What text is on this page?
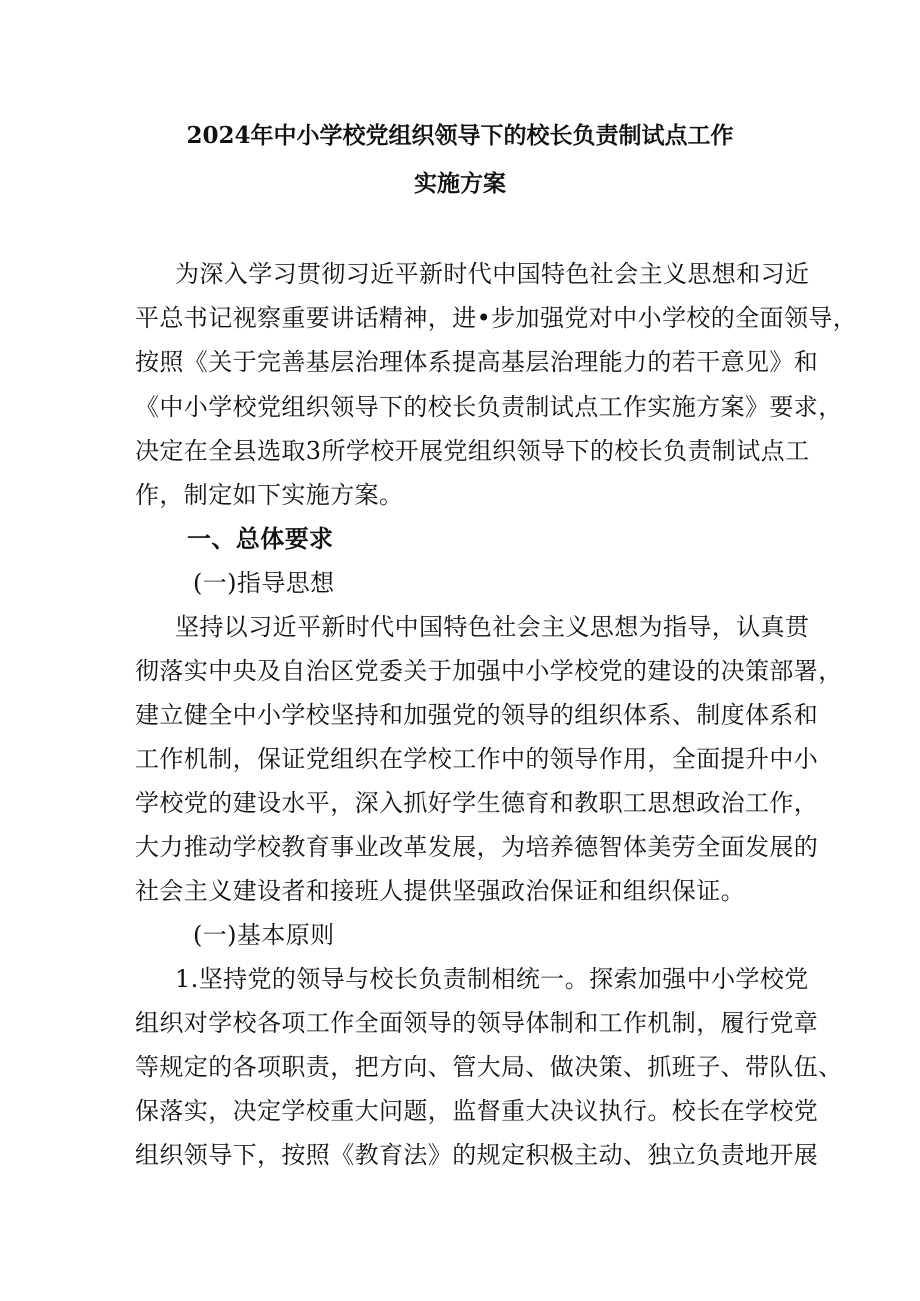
2024年中小学校党组织领导下的校长负责制试点工作
实施方案
为深入学习贯彻习近平新时代中国特色社会主义思想和习近
平总书记视察重要讲话精神，进•步加强党对中小学校的全面领导，
按照《关于完善基层治理体系提高基层治理能力的若干意见》和
《中小学校党组织领导下的校长负责制试点工作实施方案》要求，
决定在全县选取3所学校开展党组织领导下的校长负责制试点工
作，制定如下实施方案。
一、总体要求
(一)指导思想
坚持以习近平新时代中国特色社会主义思想为指导，认真贯
彻落实中央及自治区党委关于加强中小学校党的建设的决策部署，
建立健全中小学校坚持和加强党的领导的组织体系、制度体系和
工作机制，保证党组织在学校工作中的领导作用，全面提升中小
学校党的建设水平，深入抓好学生德育和教职工思想政治工作，
大力推动学校教育事业改革发展，为培养德智体美劳全面发展的
社会主义建设者和接班人提供坚强政治保证和组织保证。
(一)基本原则
1.坚持党的领导与校长负责制相统一。探索加强中小学校党
组织对学校各项工作全面领导的领导体制和工作机制，履行党章
等规定的各项职责，把方向、管大局、做决策、抓班子、带队伍、
保落实，决定学校重大问题，监督重大决议执行。校长在学校党
组织领导下，按照《教育法》的规定积极主动、独立负责地开展
